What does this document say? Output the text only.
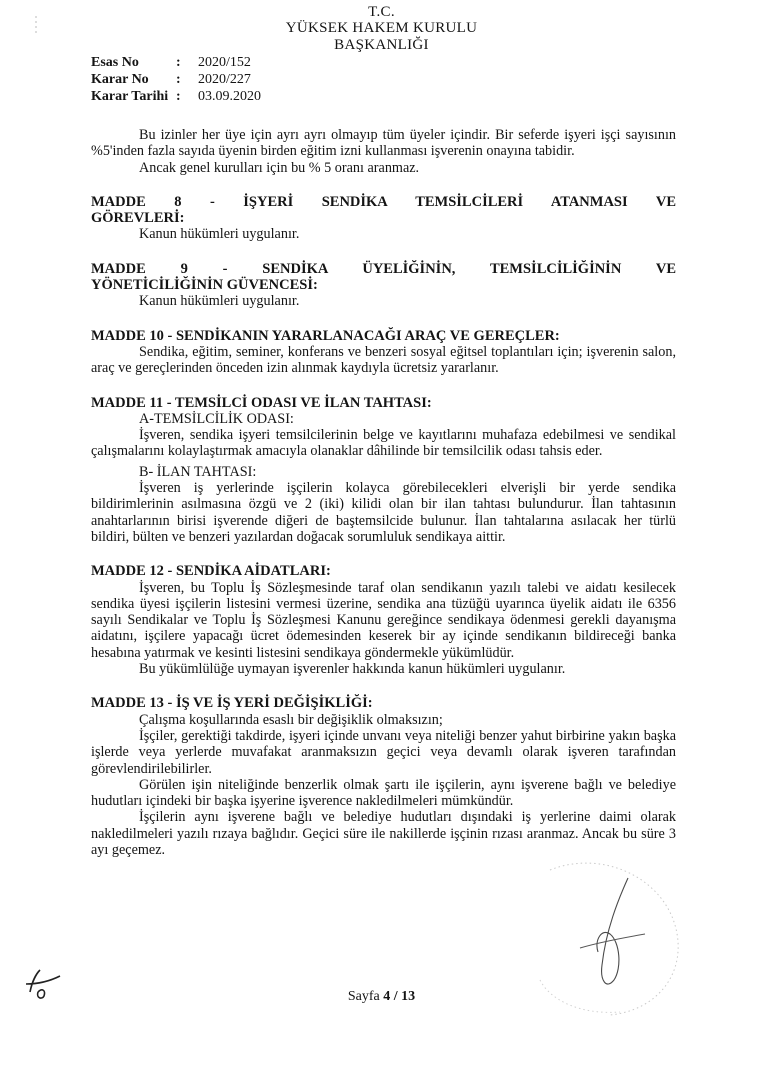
T.C.
YÜKSEK HAKEM KURULU
BAŞKANLIĞI
Esas No	:	2020/152
Karar No	:	2020/227
Karar Tarihi :	03.09.2020

Bu izinler her üye için ayrı ayrı olmayıp tüm üyeler içindir. Bir seferde işyeri işçi sayısının %5'inden fazla sayıda üyenin birden eğitim izni kullanması işverenin onayına tabidir.

Ancak genel kurulları için bu % 5 oranı aranmaz.

MADDE 8 - İŞYERİ SENDİKA TEMSİLCİLERİ ATANMASI VE

GÖREVLERİ:

Kanun hükümleri uygulanır.

MADDE 9 - SENDİKA ÜYELİĞİNİN, TEMSİLCİLİĞİNİN VE

YÖNETİCİLİĞİNİN GÜVENCESİ:

Kanun hükümleri uygulanır.

MADDE 10 - SENDİKANIN YARARLANACAĞI ARAÇ VE GEREÇLER:

Sendika, eğitim, seminer, konferans ve benzeri sosyal eğitsel toplantıları için; işverenin salon, araç ve gereçlerinden önceden izin alınmak kaydıyla ücretsiz yararlanır.

MADDE 11 - TEMSİLCİ ODASI VE İLAN TAHTASI:

A-TEMSİLCİLİK ODASI:

İşveren, sendika işyeri temsilcilerinin belge ve kayıtlarını muhafaza edebilmesi ve sendikal çalışmalarını kolaylaştırmak amacıyla olanaklar dâhilinde bir temsilcilik odası tahsis eder.

B- İLAN TAHTASI:

İşveren iş yerlerinde işçilerin kolayca görebilecekleri elverişli bir yerde sendika bildirimlerinin asılmasına özgü ve 2 (iki) kilidi olan bir ilan tahtası bulundurur. İlan tahtasının anahtarlarının birisi işverende diğeri de baştemsilcide bulunur. İlan tahtalarına asılacak her türlü bildiri, bülten ve benzeri yazılardan doğacak sorumluluk sendikaya aittir.

MADDE 12 - SENDİKA AİDATLARI:

İşveren, bu Toplu İş Sözleşmesinde taraf olan sendikanın yazılı talebi ve aidatı kesilecek sendika üyesi işçilerin listesini vermesi üzerine, sendika ana tüzüğü uyarınca üyelik aidatı ile 6356 sayılı Sendikalar ve Toplu İş Sözleşmesi Kanunu gereğince sendikaya ödenmesi gerekli dayanışma aidatını, işçilere yapacağı ücret ödemesinden keserek bir ay içinde sendikanın bildireceği banka hesabına yatırmak ve kesinti listesini sendikaya göndermekle yükümlüdür.

Bu yükümlülüğe uymayan işverenler hakkında kanun hükümleri uygulanır.

MADDE 13 - İŞ VE İŞ YERİ DEĞİŞİKLİĞİ:

Çalışma koşullarında esaslı bir değişiklik olmaksızın;

İşçiler, gerektiği takdirde, işyeri içinde unvanı veya niteliği benzer yahut birbirine yakın başka işlerde veya yerlerde muvafakat aranmaksızın geçici veya devamlı olarak işveren tarafından görevlendirilebilirler.

Görülen işin niteliğinde benzerlik olmak şartı ile işçilerin, aynı işverene bağlı ve belediye hudutları içindeki bir başka işyerine işverence nakledilmeleri mümkündür.

İşçilerin aynı işverene bağlı ve belediye hudutları dışındaki iş yerlerine daimi olarak nakledilmeleri yazılı rızaya bağlıdır. Geçici süre ile nakillerde işçinin rızası aranmaz. Ancak bu süre 3 ayı geçemez.

Sayfa 4 / 13
